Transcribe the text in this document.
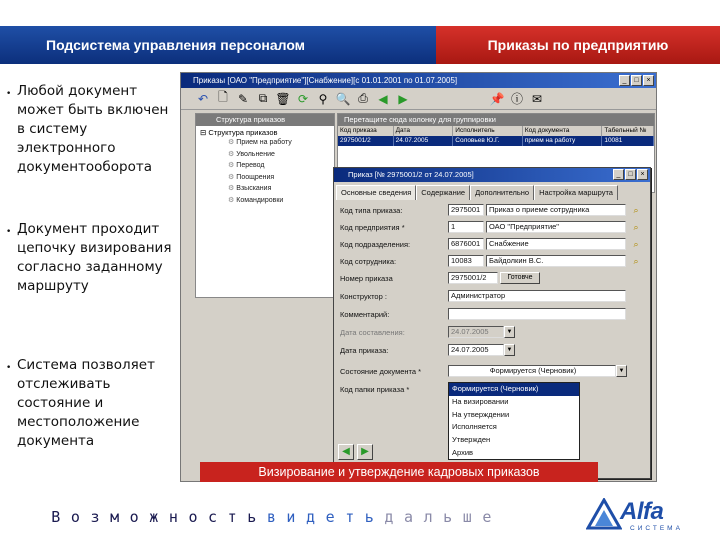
Подсистема управления персоналом	Приказы по предприятию
• Любой документ может быть включен в систему электронного документооборота
• Документ проходит цепочку визирования согласно заданному маршруту
• Система позволяет отслеживать состояние и местоположение документа
Приказы [ОАО "Предприятие"][Снабжение][с 01.01.2001 по 01.07.2005]	_	□	×
↶ 🗋 ✎ ⧉ 🗑 ⟳ ⚲ 🔍 ⎙ ◀ ▶	📌 ⓘ ✉
Структура приказов
⊟ Структура приказов
⚙ Прием на работу
⚙ Увольнение
⚙ Перевод
⚙ Поощрения
⚙ Взыскания
⚙ Командировки
Перетащите сюда колонку для группировки
Код приказа	Дата	Исполнитель	Код документа	Табельный №
2975001/2	24.07.2005	Соловьев Ю.Г.	прием на работу	10081
Приказ [№ 2975001/2 от 24.07.2005]	_	□	×
Основные сведения	Содержание	Дополнительно	Настройка маршрута
Код типа приказа:	2975001	Приказ о приеме сотрудника	⌕
Код предприятия *	1	ОАО "Предприятие"	⌕
Код подразделения:	6876001	Снабжение	⌕
Код сотрудника:	10083	Байдолкин В.С.	⌕
Номер приказа	2975001/2	Готовче
Конструктор :	Администратор
Комментарий:
Дата составления:	24.07.2005	▼
Дата приказа:	24.07.2005	▼
Состояние документа *	Формируется (Черновик)	▼
Код папки приказа *
◀	▶
Формируется (Черновик)
На визировании
На утверждении
Исполняется
Утвержден
Архив
Визирование и утверждение кадровых приказов
В о з м о ж н о с т ь в и д е т ь д а л ь ш е	Alfa
СИСТЕМА
